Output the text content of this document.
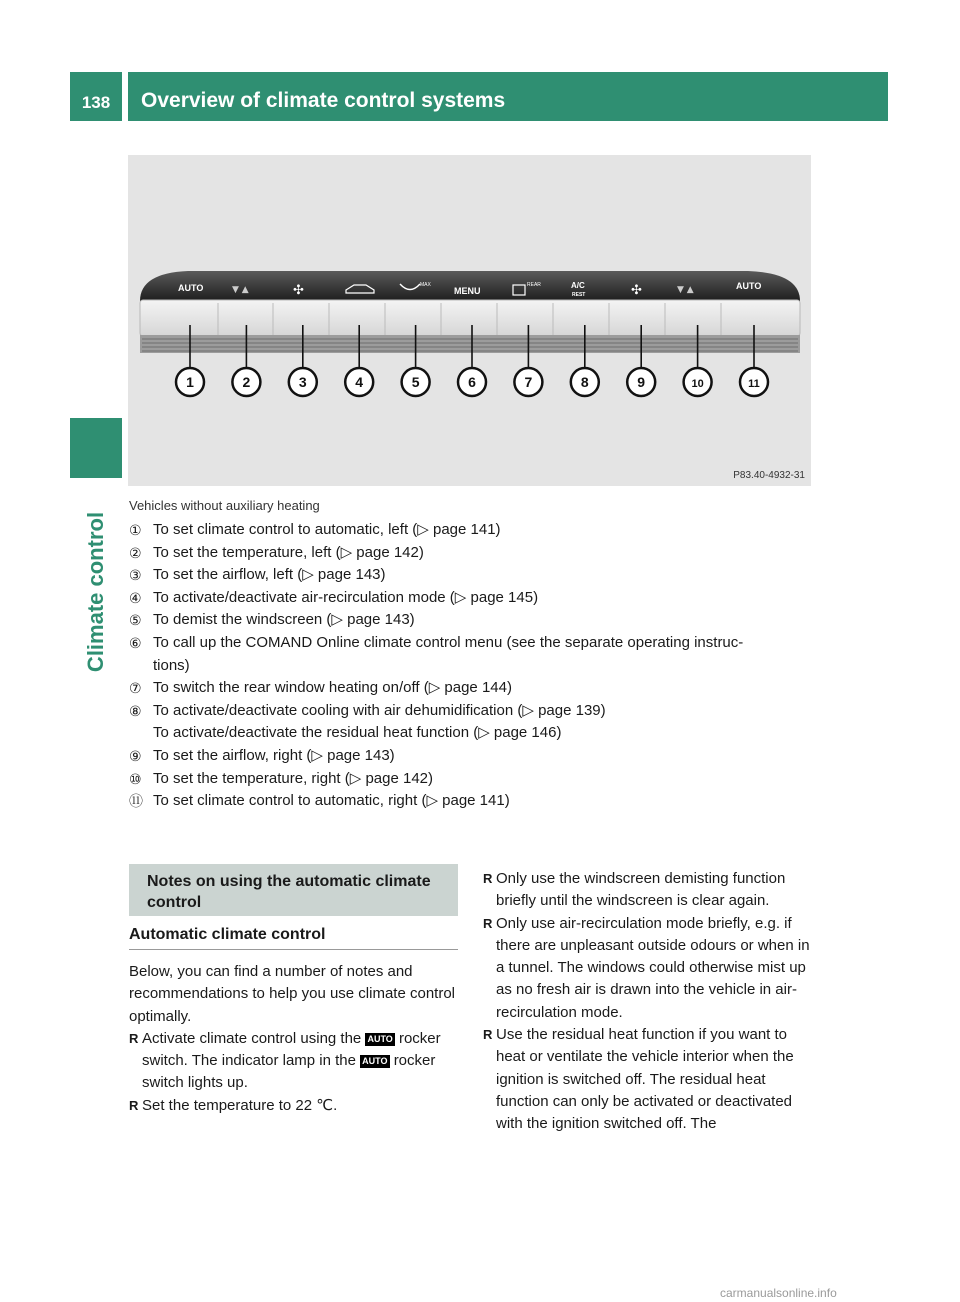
138	Overview of climate control systems
Climate control
AUTO	▼ ▲	✣	MAX
MENU
REAR	A/C
REST	✣	▼ ▲	AUTO
1	2	3	4	5	6	7	8	9	10	11
P83.40-4932-31
Vehicles without auxiliary heating
① To set climate control to automatic, left (▷ page 141)
② To set the temperature, left (▷ page 142)
③ To set the airflow, left (▷ page 143)
④ To activate/deactivate air-recirculation mode (▷ page 145)
⑤ To demist the windscreen (▷ page 143)
⑥ To call up the COMAND Online climate control menu (see the separate operating instruc-
tions)
⑦ To switch the rear window heating on/off (▷ page 144)
⑧ To activate/deactivate cooling with air dehumidification (▷ page 139)
To activate/deactivate the residual heat function (▷ page 146)
⑨ To set the airflow, right (▷ page 143)
⑩ To set the temperature, right (▷ page 142)
⑪ To set climate control to automatic, right (▷ page 141)
Notes on using the automatic climate
control
Automatic climate control
Below, you can find a number of notes and recommendations to help you use climate control optimally.
R Activate climate control using the AUTO rocker switch. The indicator lamp in the AUTO rocker switch lights up.
R Set the temperature to 22 ℃.
R Only use the windscreen demisting function briefly until the windscreen is clear again.
R Only use air-recirculation mode briefly, e.g. if there are unpleasant outside odours or when in a tunnel. The windows could otherwise mist up as no fresh air is drawn into the vehicle in air-recirculation mode.
R Use the residual heat function if you want to heat or ventilate the vehicle interior when the ignition is switched off. The residual heat function can only be activated or deactivated with the ignition switched off. The
carmanualsonline.info
